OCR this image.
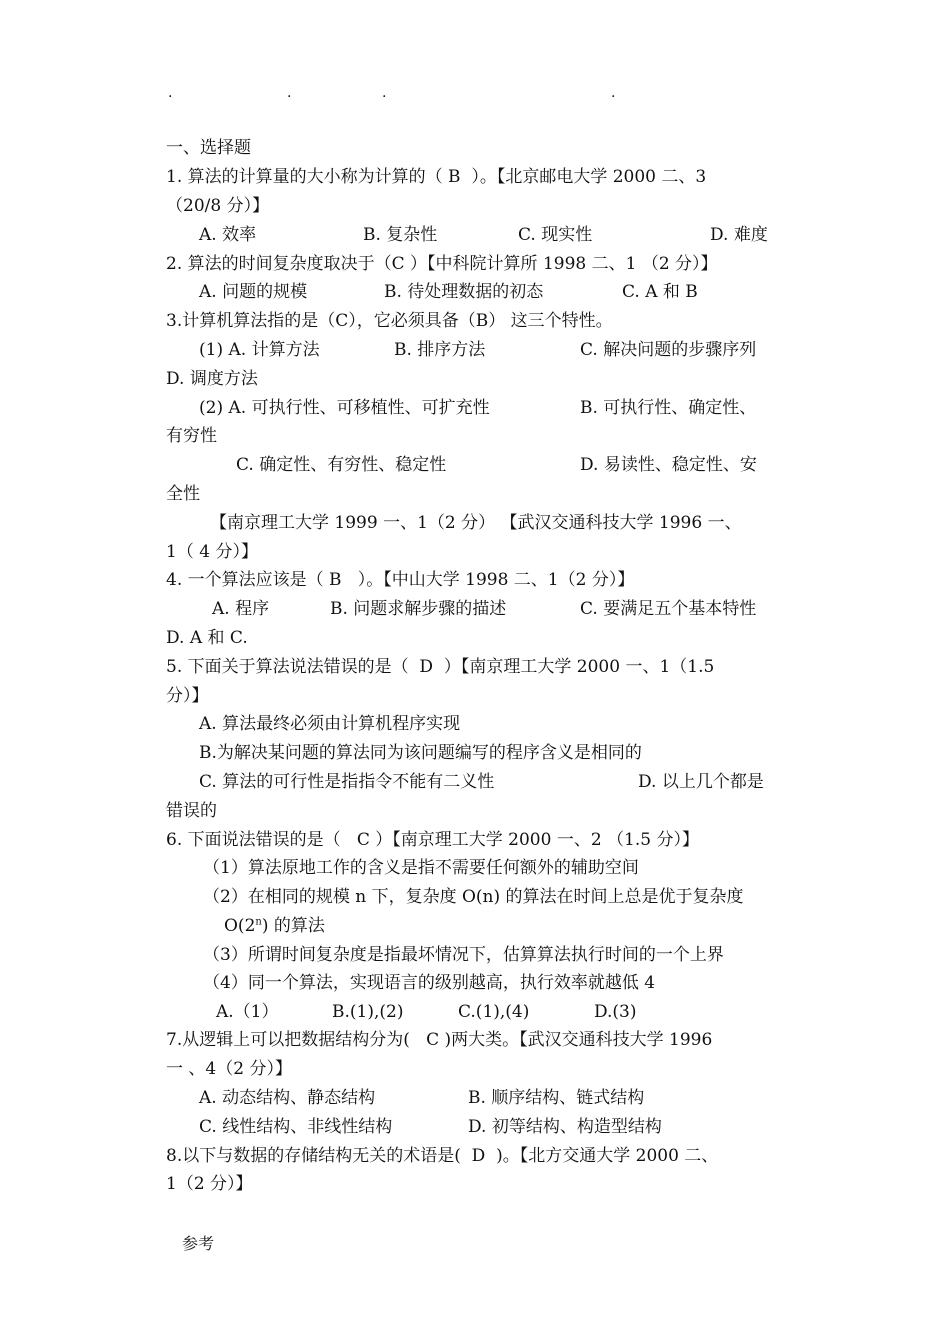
.	.	.	.
一、选择题
1. 算法的计算量的大小称为计算的（ B  ）。【北京邮电大学 2000 二、3
（20/8 分）】
A. 效率	B. 复杂性	C. 现实性	D. 难度
2. 算法的时间复杂度取决于（C ）【中科院计算所 1998 二、1 （2 分）】
A. 问题的规模	B. 待处理数据的初态	C. A 和 B
3.计算机算法指的是（C），它必须具备（B） 这三个特性。
(1) A. 计算方法	B. 排序方法	C. 解决问题的步骤序列
D. 调度方法
(2) A. 可执行性、可移植性、可扩充性	B. 可执行性、确定性、
有穷性
C. 确定性、有穷性、稳定性	D. 易读性、稳定性、安
全性
【南京理工大学 1999 一、1（2 分） 【武汉交通科技大学 1996 一、
1（ 4 分）】
4. 一个算法应该是（ B   ）。【中山大学 1998 二、1（2 分）】
A. 程序	B. 问题求解步骤的描述	C. 要满足五个基本特性
D. A 和 C.
5. 下面关于算法说法错误的是（  D  ）【南京理工大学 2000 一、1（1.5
分）】
A. 算法最终必须由计算机程序实现
B.为解决某问题的算法同为该问题编写的程序含义是相同的
C. 算法的可行性是指指令不能有二义性	D. 以上几个都是
错误的
6. 下面说法错误的是（   C ）【南京理工大学 2000 一、2 （1.5 分）】
（1）算法原地工作的含义是指不需要任何额外的辅助空间
（2）在相同的规模 n 下，复杂度 O(n) 的算法在时间上总是优于复杂度
O(2$^n$) 的算法
（3）所谓时间复杂度是指最坏情况下，估算算法执行时间的一个上界
（4）同一个算法，实现语言的级别越高，执行效率就越低 4
A.（1）	B.(1),(2)	C.(1),(4)	D.(3)
7.从逻辑上可以把数据结构分为(   C )两大类。【武汉交通科技大学 1996
一 、4（2 分）】
A. 动态结构、静态结构	B. 顺序结构、链式结构
C. 线性结构、非线性结构	D. 初等结构、构造型结构
8.以下与数据的存储结构无关的术语是(  D  )。【北方交通大学 2000 二、
1（2 分）】
参考
